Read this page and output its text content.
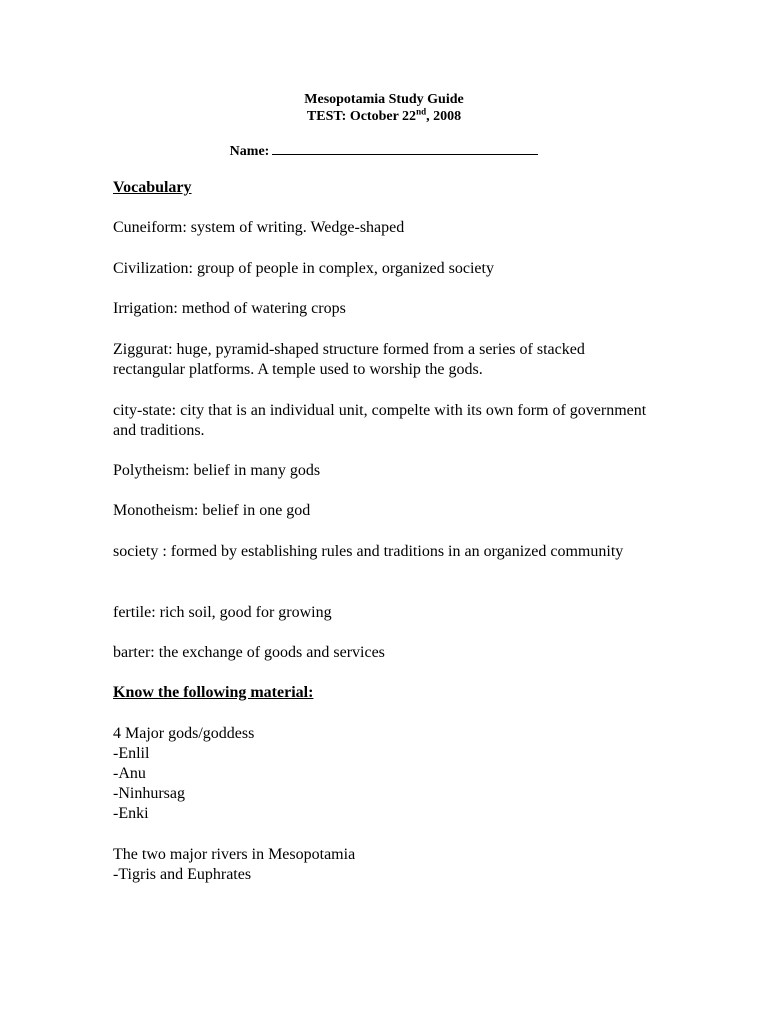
Mesopotamia Study Guide
TEST: October 22nd, 2008
Name:
Vocabulary
Cuneiform: system of writing. Wedge-shaped
Civilization: group of people in complex, organized society
Irrigation: method of watering crops
Ziggurat: huge, pyramid-shaped structure formed from a series of stacked rectangular platforms. A temple used to worship the gods.
city-state: city that is an individual unit, compelte with its own form of government and traditions.
Polytheism: belief in many gods
Monotheism: belief in one god
society : formed by establishing rules and traditions in an organized community
fertile: rich soil, good for growing
barter: the exchange of goods and services
Know the following material:
4 Major gods/goddess
-Enlil
-Anu
-Ninhursag
-Enki
The two major rivers in Mesopotamia
-Tigris and Euphrates
